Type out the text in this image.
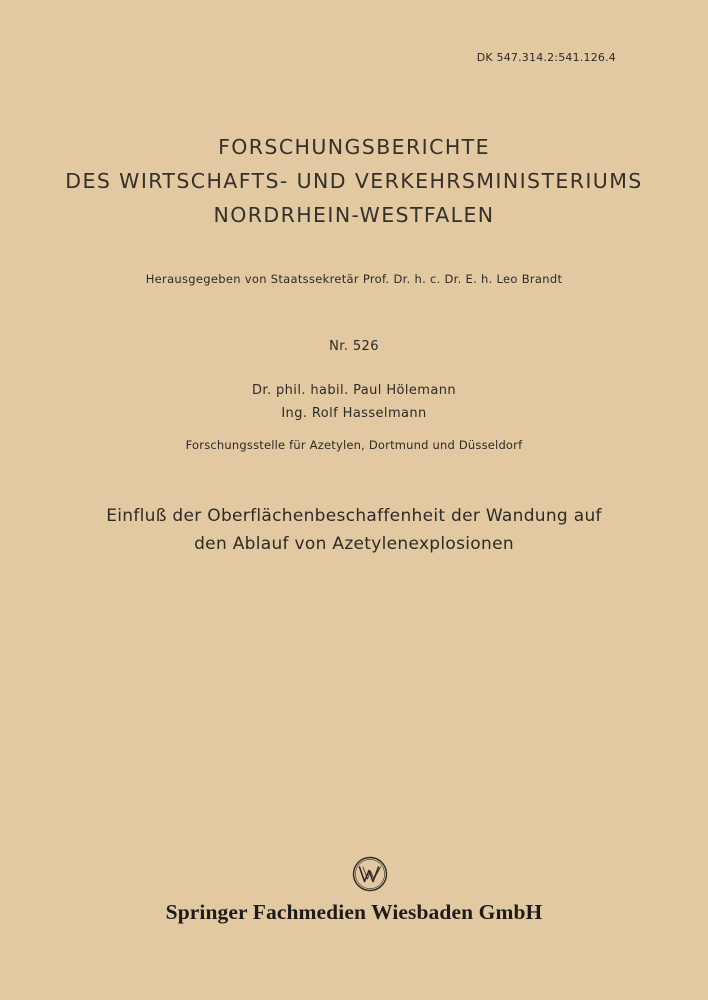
DK 547.314.2:541.126.4
FORSCHUNGSBERICHTE
DES WIRTSCHAFTS- UND VERKEHRSMINISTERIUMS
NORDRHEIN-WESTFALEN
Herausgegeben von Staatssekretär Prof. Dr. h. c. Dr. E. h. Leo Brandt
Nr. 526
Dr. phil. habil. Paul Hölemann
Ing. Rolf Hasselmann
Forschungsstelle für Azetylen, Dortmund und Düsseldorf
Einfluß der Oberflächenbeschaffenheit der Wandung auf
den Ablauf von Azetylenexplosionen
Springer Fachmedien Wiesbaden GmbH
